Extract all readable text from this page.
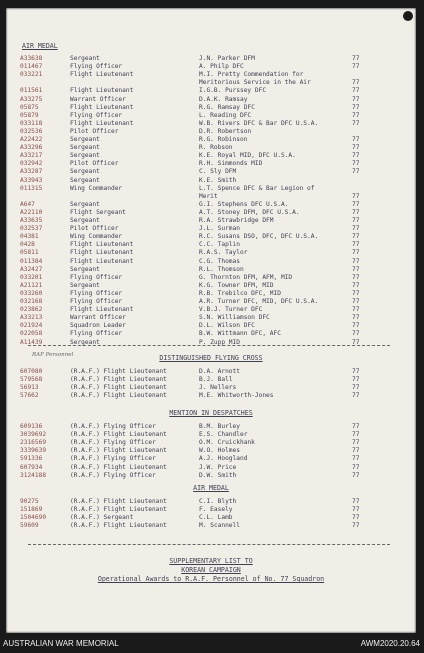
AIR MEDAL
RAF Personnel
SUPPLEMENTARY LIST TO
KOREAN CAMPAIGN
Operational Awards to R.A.F. Personnel of No. 77 Squadron
A33638	Sergeant	J.N. Parker DFM	77
011467	Flying Officer	A. Philp DFC	77
033221	Flight Lieutenant	M.I. Pretty Commendation for
Meritorious Service in the Air	77
011561	Flight Lieutenant	I.G.B. Purssey DFC	77
A33275	Warrant Officer	D.A.K. Ramsay	77
05875	Flight Lieutenant	R.G. Ramsay DFC	77
05879	Flying Officer	L. Reading DFC	77
033118	Flight Lieutenant	W.B. Rivers DFC & Bar DFC U.S.A.	77
032536	Pilot Officer	D.R. Robertson
A22422	Sergeant	R.G. Robinson	77
A33296	Sergeant	R. Robson	77
A33217	Sergeant	K.E. Royal MID, DFC U.S.A.	77
032942	Pilot Officer	R.H. Simmonds MID	77
A33287	Sergeant	C. Sly DFM	77
A33943	Sergeant	K.E. Smith
011315	Wing Commander	L.T. Spence DFC & Bar Legion of
Merit	77
A647	Sergeant	G.I. Stephens DFC U.S.A.	77
A22110	Flight Sergeant	A.T. Stoney DFM, DFC U.S.A.	77
A33635	Sergeant	R.A. Strawbridge DFM	77
032537	Pilot Officer	J.L. Surman	77
04381	Wing Commander	R.C. Susans DSO, DFC, DFC U.S.A.	77
0428	Flight Lieutenant	C.C. Taplin	77
05811	Flight Lieutenant	R.A.S. Taylor	77
011384	Flight Lieutenant	C.G. Thomas	77
A32427	Sergeant	R.L. Thomson	77
033201	Flying Officer	G. Thornton DFM, AFM, MID	77
A21121	Sergeant	K.G. Towner DFM, MID	77
033260	Flying Officer	R.B. Trebilco DFC, MID	77
032168	Flying Officer	A.R. Turner DFC, MID, DFC U.S.A.	77
023862	Flight Lieutenant	V.B.J. Turner DFC	77
A33213	Warrant Officer	S.N. Williamson DFC	77
021924	Squadron Leader	D.L. Wilson DFC	77
022058	Flying Officer	B.W. Wittmann DFC, AFC	77
A11439	Sergeant	P. Zupp MID	77
DISTINGUISHED FLYING CROSS
607080	(R.A.F.) Flight Lieutenant	D.A. Arnott	77
579568	(R.A.F.) Flight Lieutenant	B.J. Ball	77
56913	(R.A.F.) Flight Lieutenant	J. Nellers	77
57662	(R.A.F.) Flight Lieutenant	M.E. Whitworth-Jones	77
MENTION IN DESPATCHES
609136	(R.A.F.) Flying Officer	B.M. Burley	77
3039692	(R.A.F.) Flight Lieutenant	E.S. Chandler	77
2316569	(R.A.F.) Flying Officer	O.M. Cruickhank	77
3339639	(R.A.F.) Flight Lieutenant	W.O. Holmes	77
591336	(R.A.F.) Flying Officer	A.J. Hoogland	77
607934	(R.A.F.) Flight Lieutenant	J.W. Price	77
3124188	(R.A.F.) Flying Officer	D.W. Smith	77
AIR MEDAL
90275	(R.A.F.) Flight Lieutenant	C.I. Blyth	77
151869	(R.A.F.) Flight Lieutenant	F. Easely	77
1504690	(R.A.F.) Sergeant	C.L. Lamb	77
59609	(R.A.F.) Flight Lieutenant	M. Scannell	77
AUSTRALIAN WAR MEMORIAL	AWM2020.20.64
